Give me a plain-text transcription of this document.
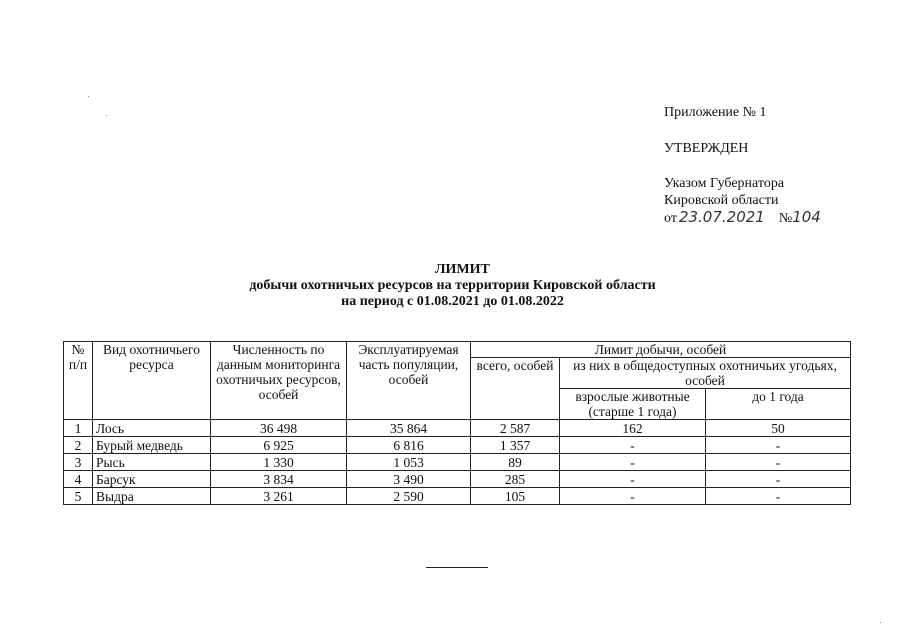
Приложение № 1
УТВЕРЖДЕН
Указом Губернатора
Кировской области
от 23.07.2021 №104
ЛИМИТ
добычи охотничьих ресурсов на территории Кировской области
на период с 01.08.2021 до 01.08.2022
№ п/п	Вид охотничьего ресурса	Численность по данным мониторинга охотничьих ресурсов, особей	Эксплуатируемая часть популяции, особей	Лимит добычи, особей		
				всего, особей	из них в общедоступных охотничьих угодьях, особей	
					взрослые животные (старше 1 года)	до 1 года
1	Лось	36 498	35 864	2 587	162	50
2	Бурый медведь	6 925	6 816	1 357	-	-
3	Рысь	1 330	1 053	89	-	-
4	Барсук	3 834	3 490	285	-	-
5	Выдра	3 261	2 590	105	-	-
